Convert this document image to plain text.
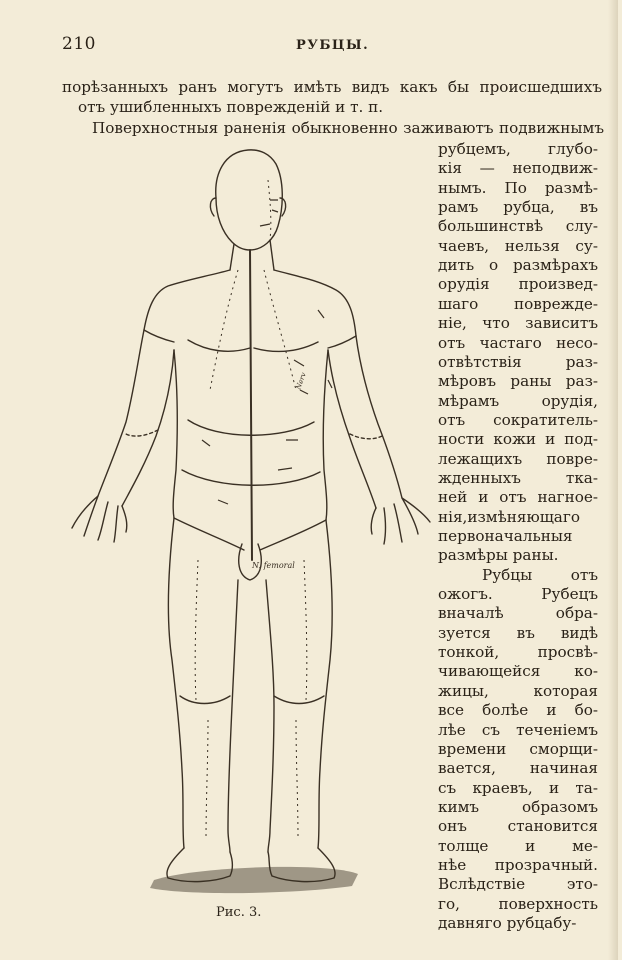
210	РУБЦЫ.
порѣзанныхъ ранъ могутъ имѣть видъ какъ бы происшедшихъ
отъ ушибленныхъ поврежденій и т. п.
Поверхностныя раненія обыкновенно заживаютъ подвижнымъ
рубцемъ, глубо-
кія — неподвиж-
нымъ. По размѣ-
рамъ рубца, въ
большинствѣ слу-
чаевъ, нельзя су-
дить о размѣрахъ
орудія произвед-
шаго поврежде-
ніе, что зависитъ
отъ частаго несо-
отвѣтствія раз-
мѣровъ раны раз-
мѣрамъ орудія,
отъ сократитель-
ности кожи и под-
лежащихъ повре-
жденныхъ тка-
ней и отъ нагное-
нія,измѣняющаго
первоначальныя
размѣры раны.
Рубцы отъ
ожогъ. Рубецъ
вначалѣ обра-
зуется въ видѣ
тонкой, просвѣ-
чивающейся ко-
жицы, которая
все болѣе и бо-
лѣе съ теченіемъ
времени сморщи-
вается, начиная
съ краевъ, и та-
кимъ образомъ
онъ становится
толще и ме-
нѣе прозрачный.
Вслѣдствіе это-
го, поверхность
давняго рубцабу-
N. femoral
Nerv
Рис. 3.
